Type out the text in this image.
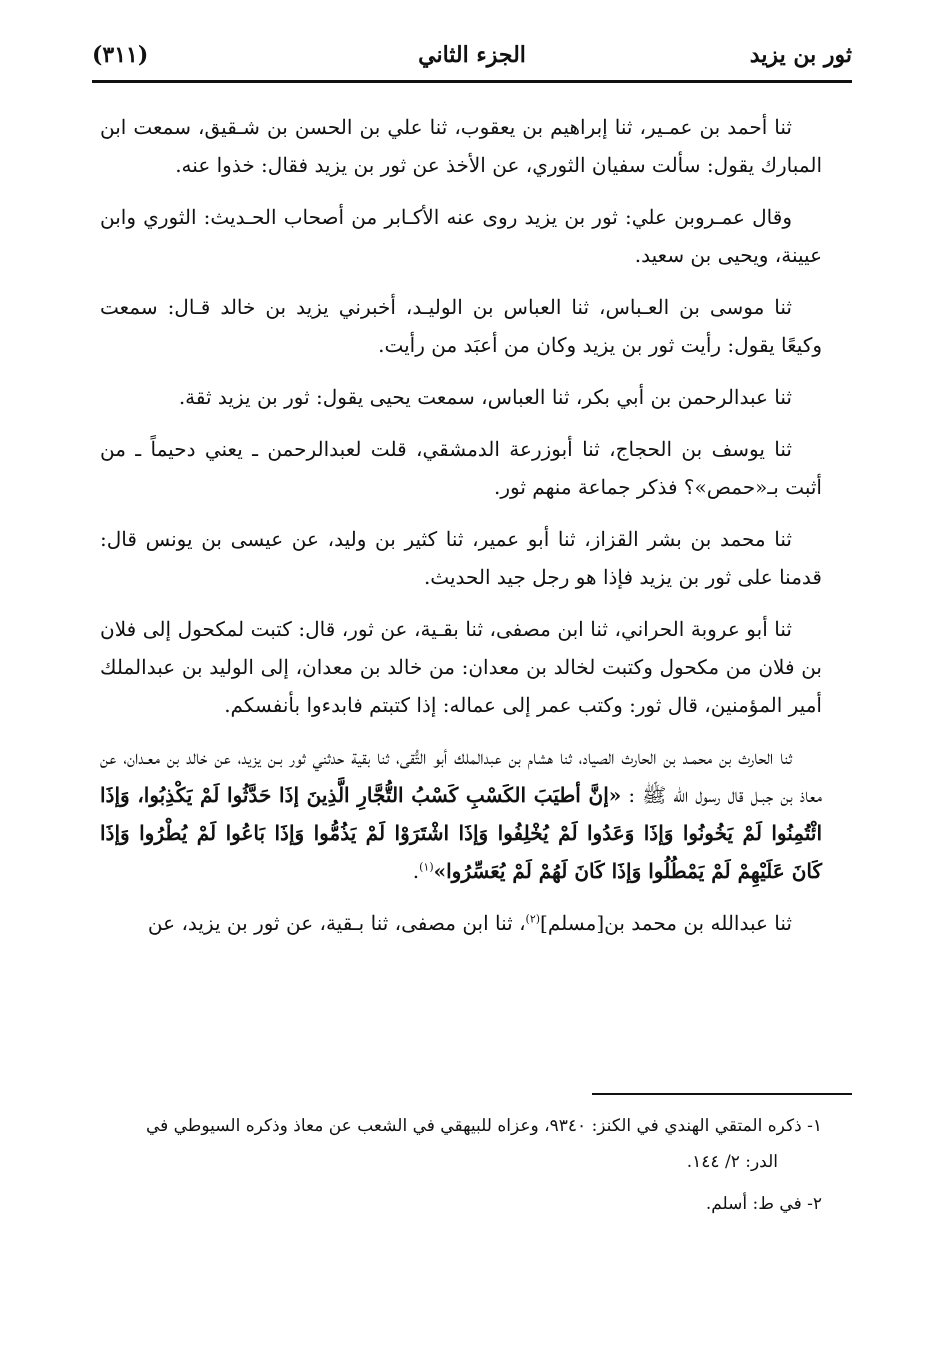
ثور بن يزيد
الجزء الثاني
(٣١١)

ثنا أحمد بن عمـير، ثنا إبراهيم بن يعقوب، ثنا علي بن الحسن بن شـقيق، سمعت ابن المبارك يقول: سألت سفيان الثوري، عن الأخذ عن ثور بن يزيد فقال: خذوا عنه.

وقال عمـروبن علي: ثور بن يزيد روى عنه الأكـابر من أصحاب الحـديث: الثوري وابن عيينة، ويحيى بن سعيد.

ثنا موسى بن العـباس، ثنا العباس بن الوليـد، أخبرني يزيد بن خالد قـال: سمعت وكيعًا يقول: رأيت ثور بن يزيد وكان من أعبَد من رأيت.

ثنا عبدالرحمن بن أبي بكر، ثنا العباس، سمعت يحيى يقول: ثور بن يزيد ثقة.

ثنا يوسف بن الحجاج، ثنا أبوزرعة الدمشقي، قلت لعبدالرحمن ـ يعني دحيماً ـ من أثبت بـ«حمص»؟ فذكر جماعة منهم ثور.

ثنا محمد بن بشر القزاز، ثنا أبو عمير، ثنا كثير بن وليد، عن عيسى بن يونس قال: قدمنا على ثور بن يزيد فإذا هو رجل جيد الحديث.

ثنا أبو عروبة الحراني، ثنا ابن مصفى، ثنا بقـية، عن ثور، قال: كتبت لمكحول إلى فلان بن فلان من مكحول وكتبت لخالد بن معدان: من خالد بن معدان، إلى الوليد بن عبدالملك أمير المؤمنين، قال ثور: وكتب عمر إلى عماله: إذا كتبتم فابدءوا بأنفسكم.

ثنا الحارث بن محمـد بن الحارث الصياد، ثنا هشام بن عبدالملك أبو التُّقى، ثنا بقية حدثني ثور بـن يزيد، عن خالد بن معـدان، عن معاذ بن جبـل قال رسول الله ﷺ : «إنَّ أطيَبَ الكَسْبِ كَسْبُ التُّجَّارِ الَّذِينَ إذَا حَدَّثُوا لَمْ يَكْذِبُوا، وَإذَا ائْتُمِنُوا لَمْ يَخُونُوا وَإذَا وَعَدُوا لَمْ يُخْلِفُوا وَإذَا اشْتَرَوْا لَمْ يَذُمُّوا وَإذَا بَاعُوا لَمْ يُطْرُوا وَإذَا كَانَ عَلَيْهِمْ لَمْ يَمْطُلُوا وَإذَا كَانَ لَهُمْ لَمْ يُعَسِّرُوا»$^{(١)}$.

ثنا عبدالله بن محمد بن[مسلم]$^{(٢)}$، ثنا ابن مصفى، ثنا بـقية، عن ثور بن يزيد، عن

١- ذكره المتقي الهندي في الكنز: ٩٣٤٠، وعزاه للبيهقي في الشعب عن معاذ وذكره السيوطي في
الدر: ٢/ ١٤٤.
٢- في ط: أسلم.
